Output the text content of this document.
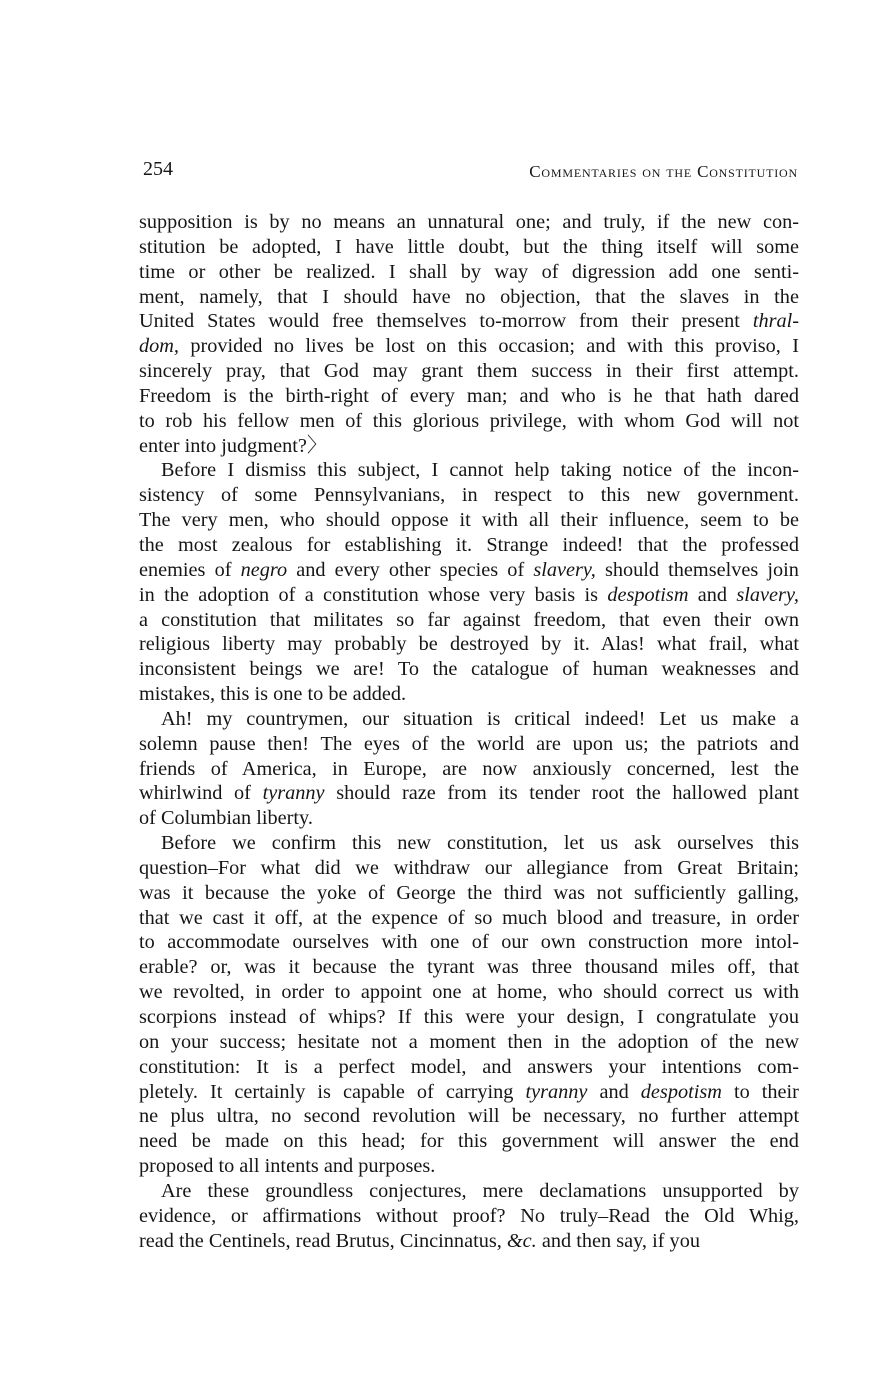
254	Commentaries on the Constitution
supposition is by no means an unnatural one; and truly, if the new con-
stitution be adopted, I have little doubt, but the thing itself will some
time or other be realized. I shall by way of digression add one senti-
ment, namely, that I should have no objection, that the slaves in the
United States would free themselves to-morrow from their present thral-
dom, provided no lives be lost on this occasion; and with this proviso, I
sincerely pray, that God may grant them success in their first attempt.
Freedom is the birth-right of every man; and who is he that hath dared
to rob his fellow men of this glorious privilege, with whom God will not
enter into judgment?〉
Before I dismiss this subject, I cannot help taking notice of the incon-
sistency of some Pennsylvanians, in respect to this new government.
The very men, who should oppose it with all their influence, seem to be
the most zealous for establishing it. Strange indeed! that the professed
enemies of negro and every other species of slavery, should themselves join
in the adoption of a constitution whose very basis is despotism and slavery,
a constitution that militates so far against freedom, that even their own
religious liberty may probably be destroyed by it. Alas! what frail, what
inconsistent beings we are! To the catalogue of human weaknesses and
mistakes, this is one to be added.
Ah! my countrymen, our situation is critical indeed! Let us make a
solemn pause then! The eyes of the world are upon us; the patriots and
friends of America, in Europe, are now anxiously concerned, lest the
whirlwind of tyranny should raze from its tender root the hallowed plant
of Columbian liberty.
Before we confirm this new constitution, let us ask ourselves this
question–For what did we withdraw our allegiance from Great Britain;
was it because the yoke of George the third was not sufficiently galling,
that we cast it off, at the expence of so much blood and treasure, in order
to accommodate ourselves with one of our own construction more intol-
erable? or, was it because the tyrant was three thousand miles off, that
we revolted, in order to appoint one at home, who should correct us with
scorpions instead of whips? If this were your design, I congratulate you
on your success; hesitate not a moment then in the adoption of the new
constitution: It is a perfect model, and answers your intentions com-
pletely. It certainly is capable of carrying tyranny and despotism to their
ne plus ultra, no second revolution will be necessary, no further attempt
need be made on this head; for this government will answer the end
proposed to all intents and purposes.
Are these groundless conjectures, mere declamations unsupported by
evidence, or affirmations without proof? No truly–Read the Old Whig,
read the Centinels, read Brutus, Cincinnatus, &c. and then say, if you
